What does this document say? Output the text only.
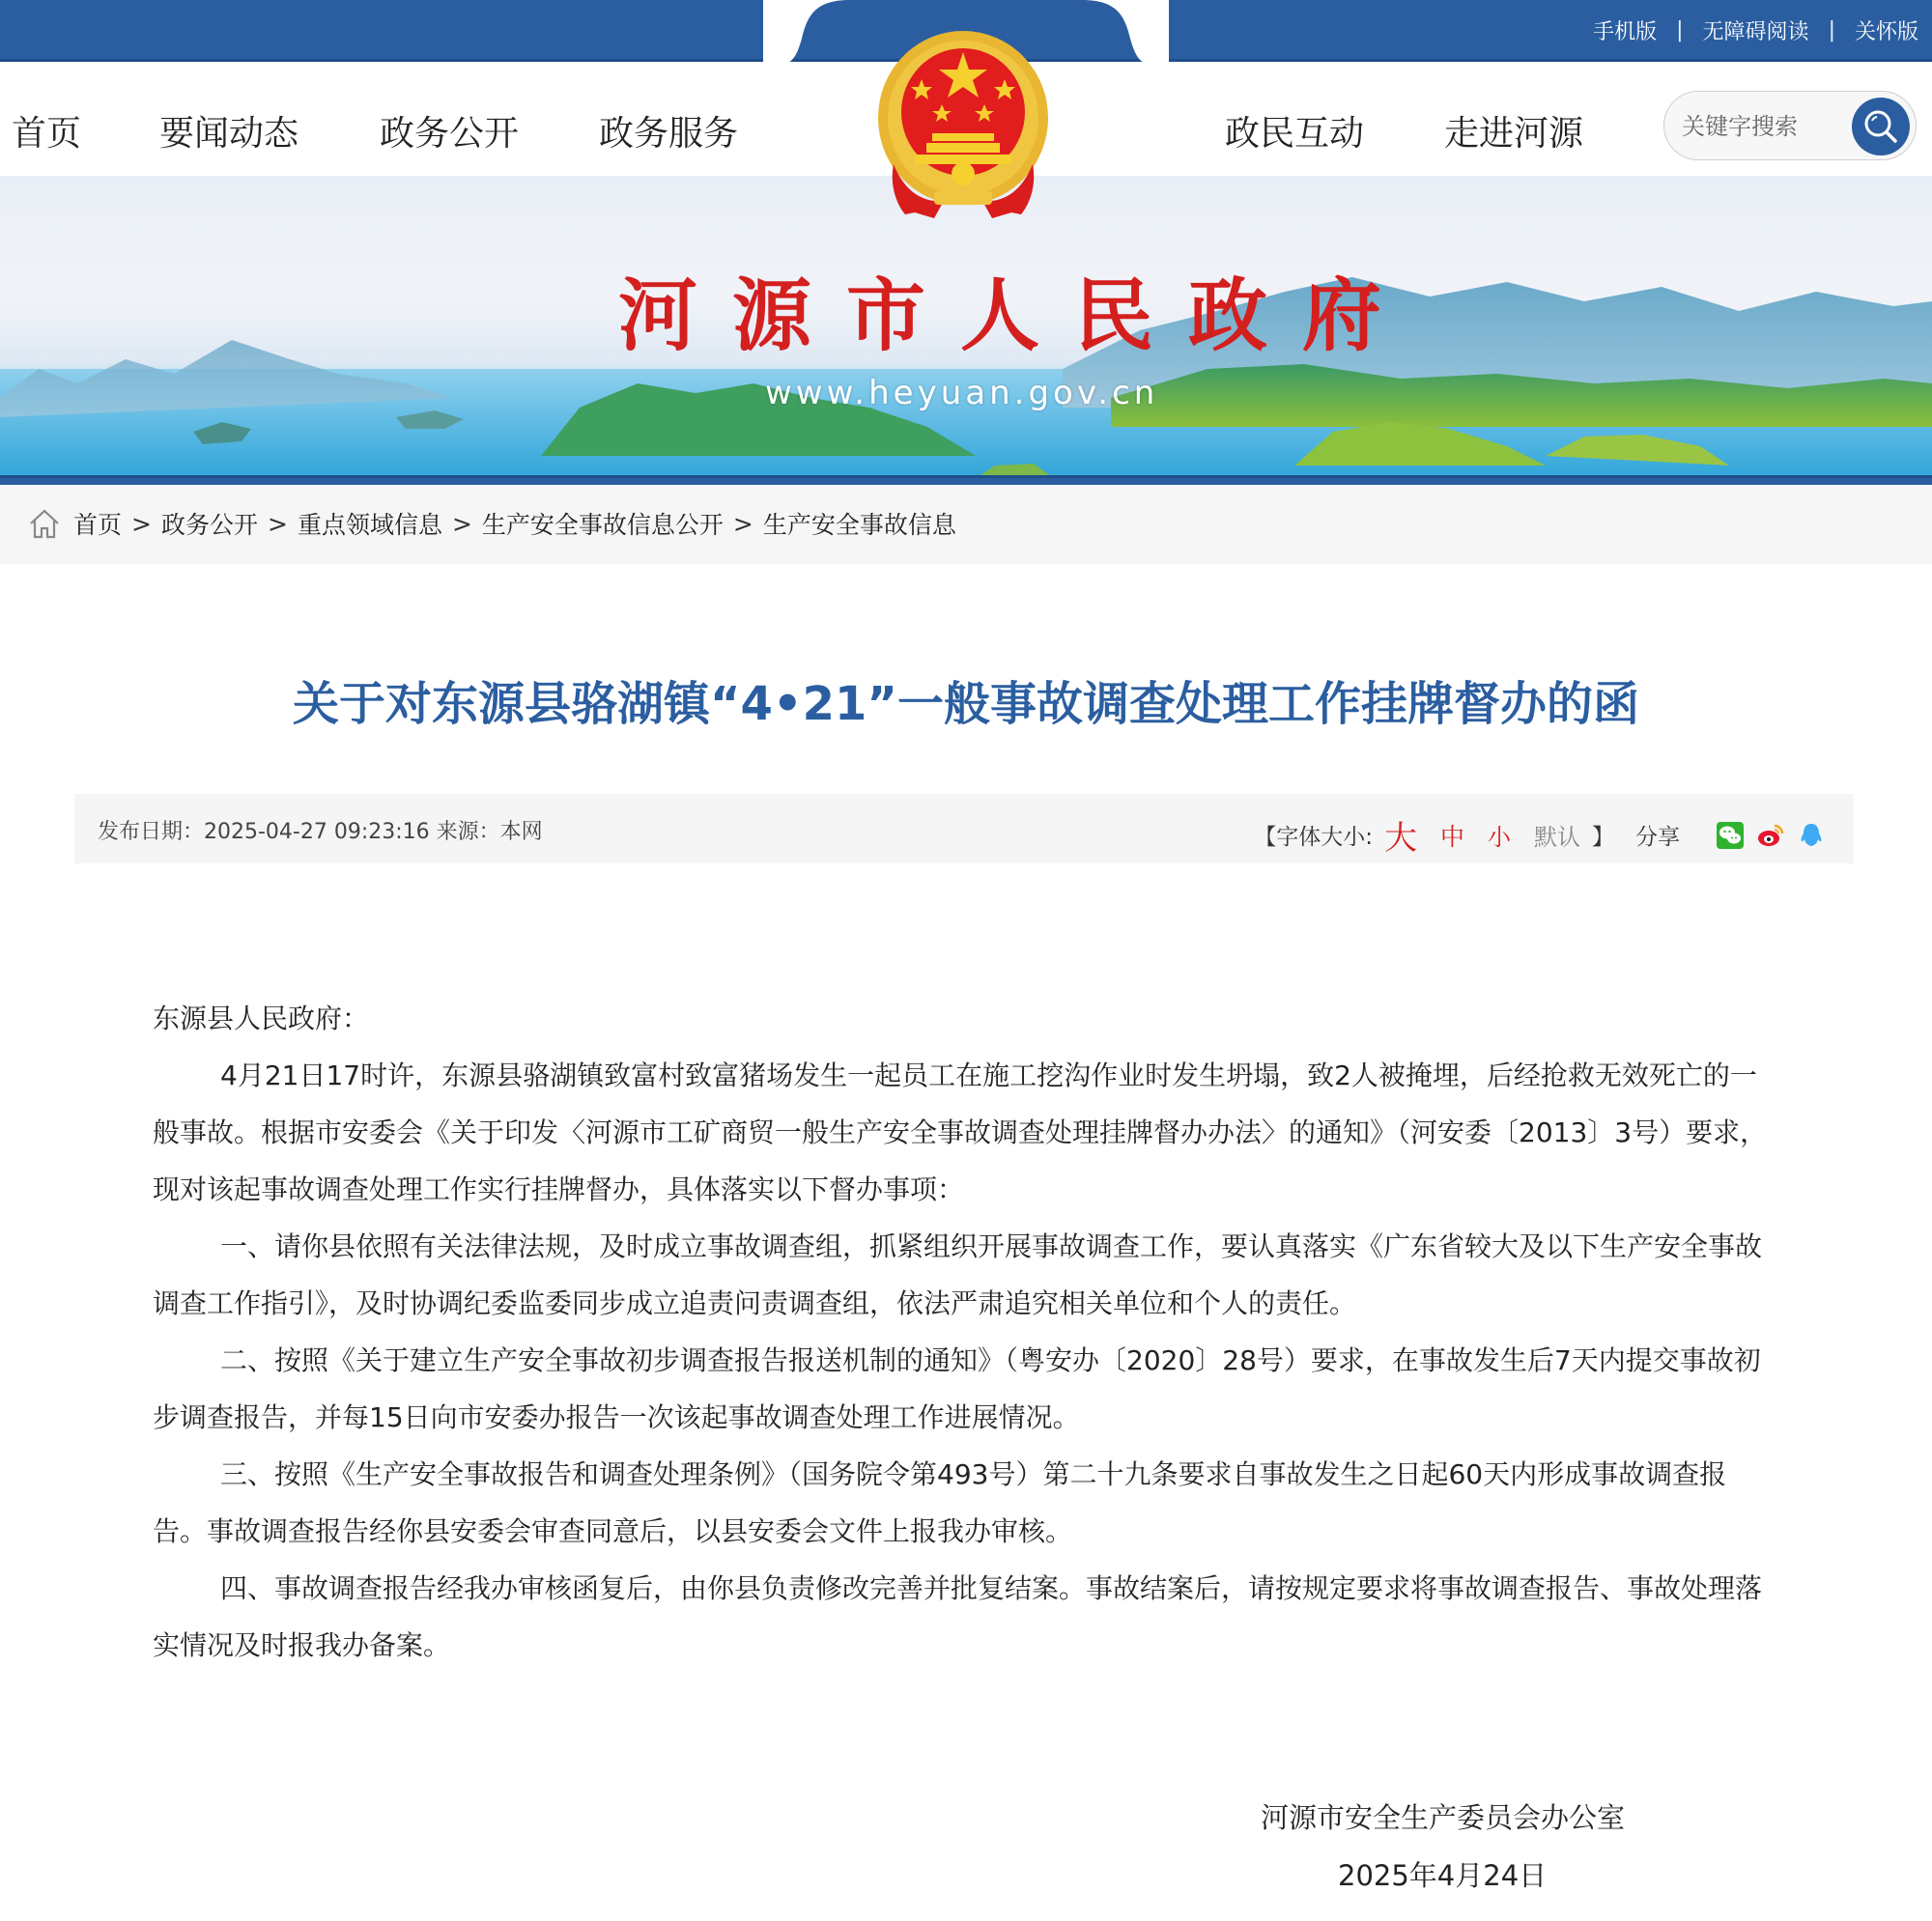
手机版 | 无障碍阅读 | 关怀版
首页 要闻动态 政务公开 政务服务	政民互动 走进河源
关键字搜索
河源市人民政府
www.heyuan.gov.cn
首页 > 政务公开 > 重点领域信息 > 生产安全事故信息公开 > 生产安全事故信息
关于对东源县骆湖镇“4•21”一般事故调查处理工作挂牌督办的函
发布日期：2025-04-27 09:23:16 来源：本网	【字体大小: 大 中 小 默认 】 分享

东源县人民政府：

4月21日17时许，东源县骆湖镇致富村致富猪场发生一起员工在施工挖沟作业时发生坍塌，致2人被掩埋，后经抢救无效死亡的一般事故。根据市安委会《关于印发〈河源市工矿商贸一般生产安全事故调查处理挂牌督办办法〉的通知》（河安委〔2013〕3号）要求，现对该起事故调查处理工作实行挂牌督办，具体落实以下督办事项：

一、请你县依照有关法律法规，及时成立事故调查组，抓紧组织开展事故调查工作，要认真落实《广东省较大及以下生产安全事故调查工作指引》，及时协调纪委监委同步成立追责问责调查组，依法严肃追究相关单位和个人的责任。

二、按照《关于建立生产安全事故初步调查报告报送机制的通知》（粤安办〔2020〕28号）要求，在事故发生后7天内提交事故初步调查报告，并每15日向市安委办报告一次该起事故调查处理工作进展情况。

三、按照《生产安全事故报告和调查处理条例》（国务院令第493号）第二十九条要求自事故发生之日起60天内形成事故调查报告。事故调查报告经你县安委会审查同意后，以县安委会文件上报我办审核。

四、事故调查报告经我办审核函复后，由你县负责修改完善并批复结案。事故结案后，请按规定要求将事故调查报告、事故处理落实情况及时报我办备案。

河源市安全生产委员会办公室
2025年4月24日
